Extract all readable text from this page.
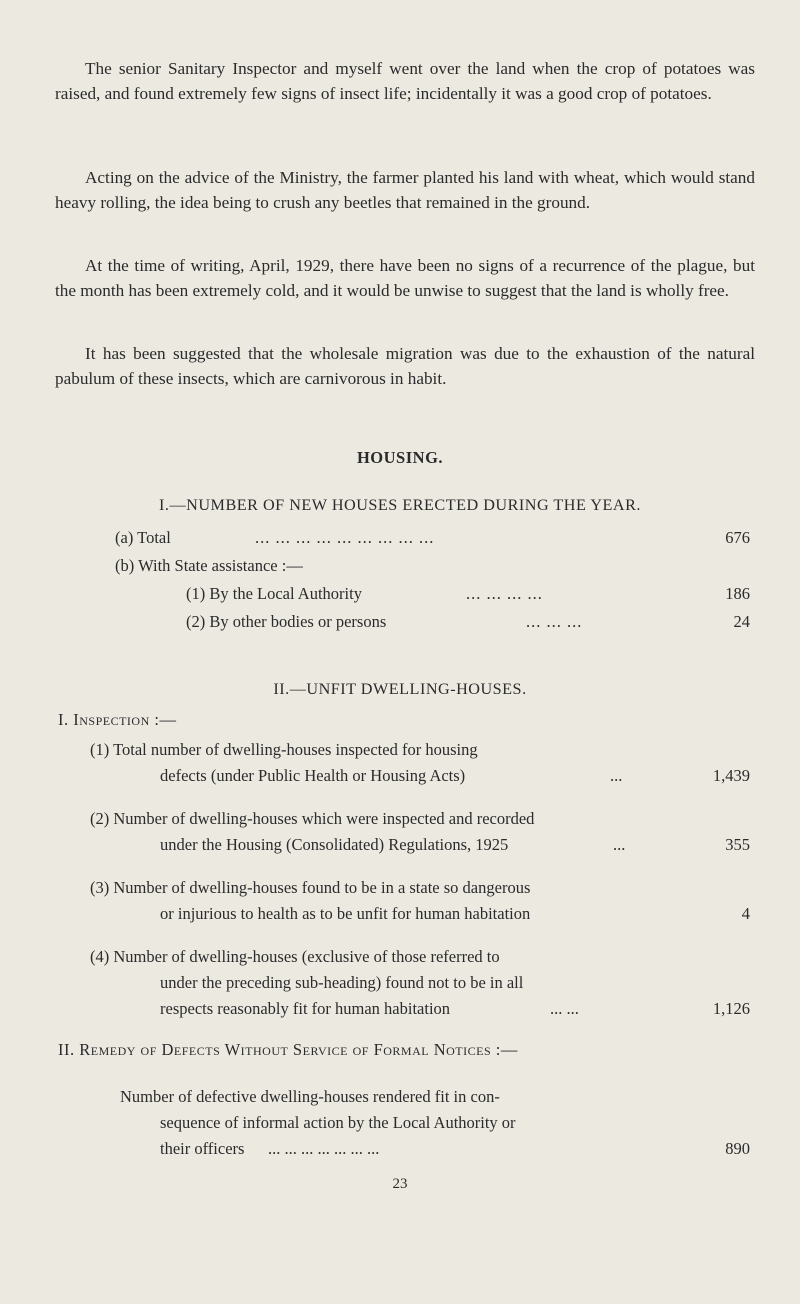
The senior Sanitary Inspector and myself went over the land when the crop of potatoes was raised, and found extremely few signs of insect life; incidentally it was a good crop of potatoes.

Acting on the advice of the Ministry, the farmer planted his land with wheat, which would stand heavy rolling, the idea being to crush any beetles that remained in the ground.

At the time of writing, April, 1929, there have been no signs of a recurrence of the plague, but the month has been extremely cold, and it would be unwise to suggest that the land is wholly free.

It has been suggested that the wholesale migration was due to the exhaustion of the natural pabulum of these insects, which are carnivorous in habit.

HOUSING.

I.—NUMBER OF NEW HOUSES ERECTED DURING THE YEAR.

(a) Total	... ... ... ... ... ... ... ... ...	676
(b) With State assistance :—
(1) By the Local Authority	... ... ... ...	186
(2) By other bodies or persons	... ... ...	24

II.—UNFIT DWELLING-HOUSES.

I. Inspection :—
(1) Total number of dwelling-houses inspected for housing
defects (under Public Health or Housing Acts)	...	1,439
(2) Number of dwelling-houses which were inspected and recorded
under the Housing (Consolidated) Regulations, 1925	...	355
(3) Number of dwelling-houses found to be in a state so dangerous
or injurious to health as to be unfit for human habitation	4
(4) Number of dwelling-houses (exclusive of those referred to
under the preceding sub-heading) found not to be in all
respects reasonably fit for human habitation	... ...	1,126
II. Remedy of Defects Without Service of Formal Notices :—
Number of defective dwelling-houses rendered fit in con-
sequence of informal action by the Local Authority or
their officers ... ... ... ... ... ... ...	890
23
